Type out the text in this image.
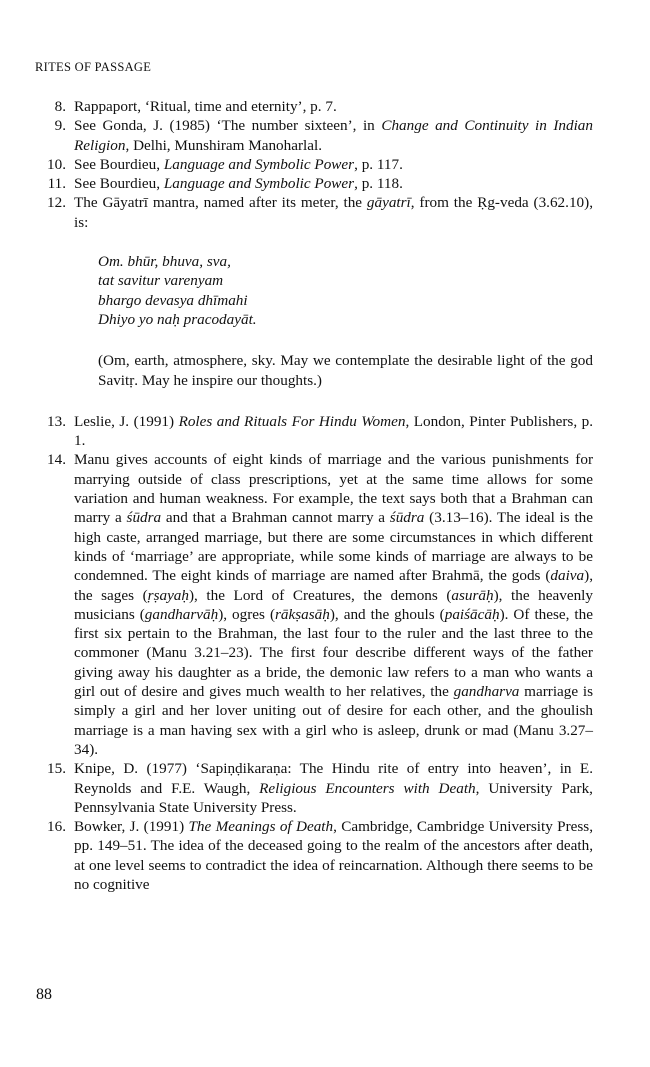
RITES OF PASSAGE
8. Rappaport, ‘Ritual, time and eternity’, p. 7.
9. See Gonda, J. (1985) ‘The number sixteen’, in Change and Continuity in Indian Religion, Delhi, Munshiram Manoharlal.
10. See Bourdieu, Language and Symbolic Power, p. 117.
11. See Bourdieu, Language and Symbolic Power, p. 118.
12. The Gāyatrī mantra, named after its meter, the gāyatrī, from the Ṛg-veda (3.62.10), is:
Om. bhūr, bhuva, sva,
tat savitur varenyam
bhargo devasya dhīmahi
Dhiyo yo naḥ pracodayāt.
(Om, earth, atmosphere, sky. May we contemplate the desirable light of the god Savitṛ. May he inspire our thoughts.)
13. Leslie, J. (1991) Roles and Rituals For Hindu Women, London, Pinter Publishers, p. 1.
14. Manu gives accounts of eight kinds of marriage and the various punishments for marrying outside of class prescriptions, yet at the same time allows for some variation and human weakness. For example, the text says both that a Brahman can marry a śūdra and that a Brahman cannot marry a śūdra (3.13–16). The ideal is the high caste, arranged marriage, but there are some circumstances in which different kinds of ‘marriage’ are appropriate, while some kinds of marriage are always to be condemned. The eight kinds of marriage are named after Brahmā, the gods (daiva), the sages (ṛṣayaḥ), the Lord of Creatures, the demons (asurāḥ), the heavenly musicians (gandharvāḥ), ogres (rākṣasāḥ), and the ghouls (paiśācāḥ). Of these, the first six pertain to the Brahman, the last four to the ruler and the last three to the commoner (Manu 3.21–23). The first four describe different ways of the father giving away his daughter as a bride, the demonic law refers to a man who wants a girl out of desire and gives much wealth to her relatives, the gandharva marriage is simply a girl and her lover uniting out of desire for each other, and the ghoulish marriage is a man having sex with a girl who is asleep, drunk or mad (Manu 3.27–34).
15. Knipe, D. (1977) ‘Sapiṇḍikaraṇa: The Hindu rite of entry into heaven’, in E. Reynolds and F.E. Waugh, Religious Encounters with Death, University Park, Pennsylvania State University Press.
16. Bowker, J. (1991) The Meanings of Death, Cambridge, Cambridge University Press, pp. 149–51. The idea of the deceased going to the realm of the ancestors after death, at one level seems to contradict the idea of reincarnation. Although there seems to be no cognitive
88
